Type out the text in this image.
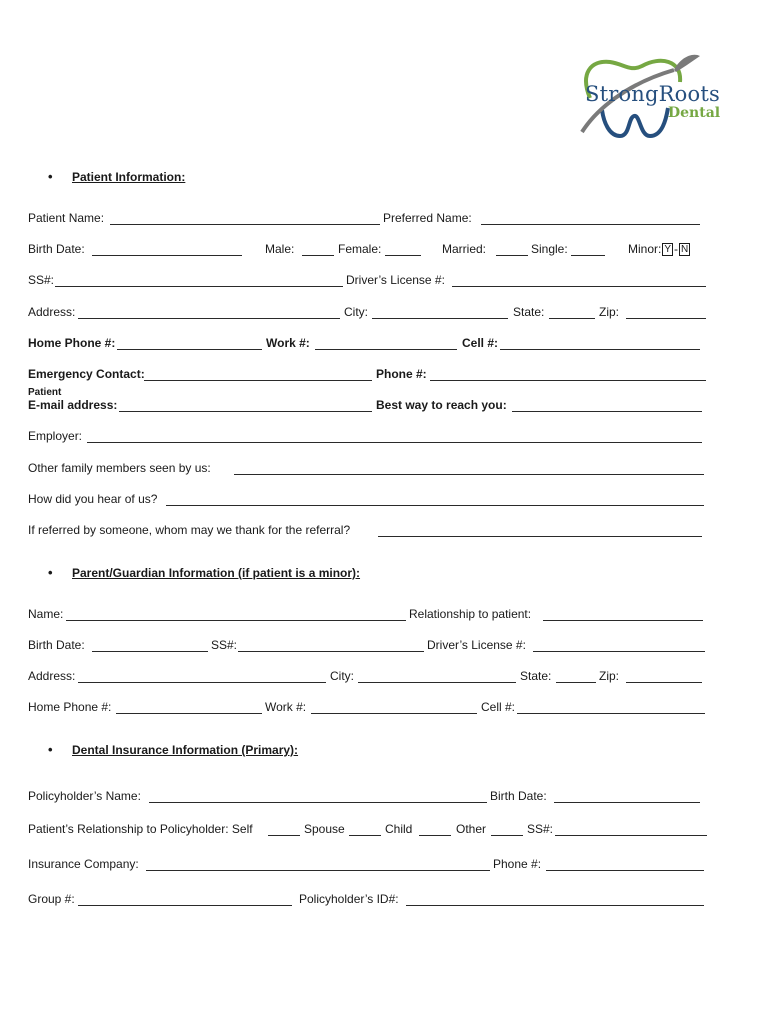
StrongRoots
Dental
• Patient Information:
Patient Name:	Preferred Name:
Birth Date:	Male:	Female:	Married:	Single:	Minor: Y - N
SS#:	Driver’s License #:
Address:	City:	State:	Zip:
Home Phone #:	Work #:	Cell #:
Emergency Contact:	Phone #:
Patient
E-mail address:	Best way to reach you:
Employer:
Other family members seen by us:
How did you hear of us?
If referred by someone, whom may we thank for the referral?
• Parent/Guardian Information (if patient is a minor):
Name:	Relationship to patient:
Birth Date:	SS#:	Driver’s License #:
Address:	City:	State:	Zip:
Home Phone #:	Work #:	Cell #:
• Dental Insurance Information (Primary):
Policyholder’s Name:	Birth Date:
Patient’s Relationship to Policyholder: Self	Spouse	Child	Other	SS#:
Insurance Company:	Phone #:
Group #:	Policyholder’s ID#:
